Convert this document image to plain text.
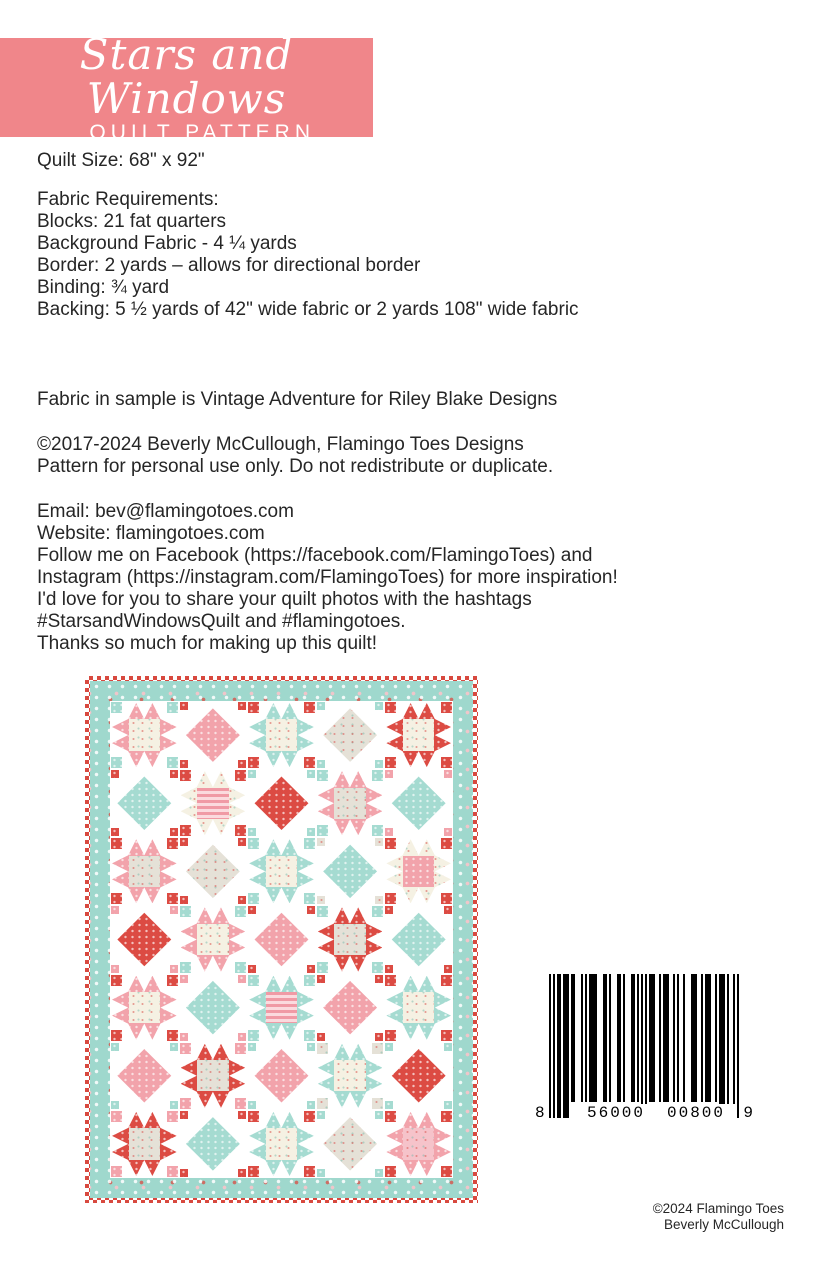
Stars and Windows
QUILT PATTERN
Quilt Size: 68" x 92"
Fabric Requirements:
Blocks: 21 fat quarters
Background Fabric - 4 ¼ yards
Border: 2 yards – allows for directional border
Binding: ¾ yard
Backing: 5 ½ yards of 42" wide fabric or 2 yards 108" wide fabric
Fabric in sample is Vintage Adventure for Riley Blake Designs
©2017-2024 Beverly McCullough, Flamingo Toes Designs
Pattern for personal use only. Do not redistribute or duplicate.
Email: bev@flamingotoes.com
Website: flamingotoes.com
Follow me on Facebook (https://facebook.com/FlamingoToes) and
Instagram (https://instagram.com/FlamingoToes) for more inspiration!
I'd love for you to share your quilt photos with the hashtags
#StarsandWindowsQuilt and #flamingotoes.
Thanks so much for making up this quilt!
8	56000	00800	9
©2024 Flamingo Toes
Beverly McCullough
